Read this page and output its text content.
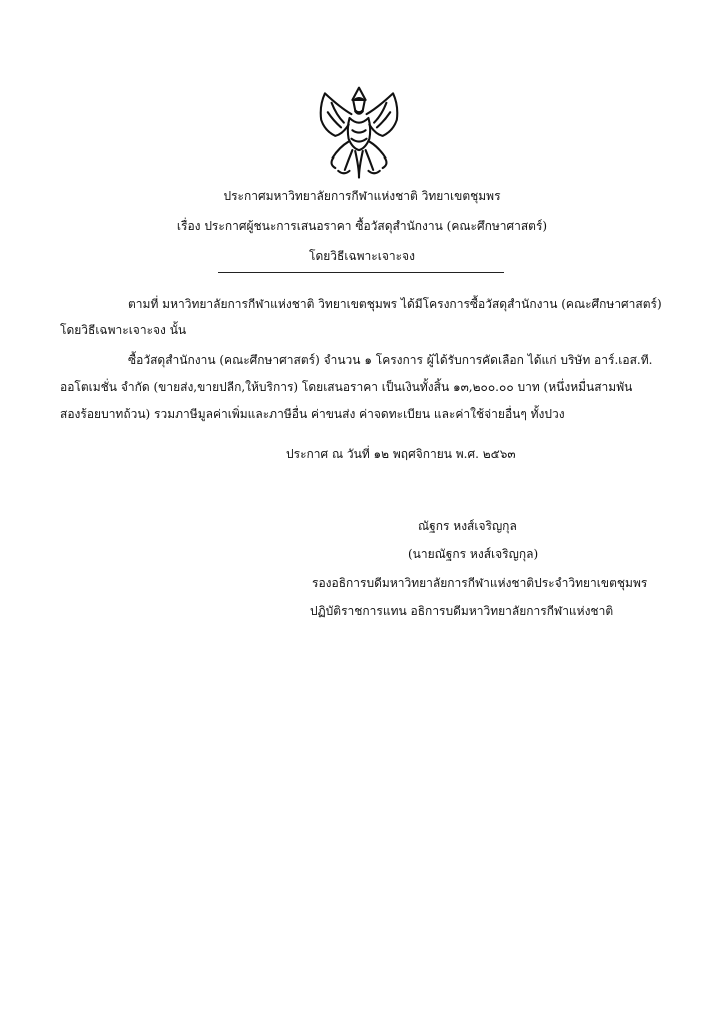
ประกาศมหาวิทยาลัยการกีฬาแห่งชาติ วิทยาเขตชุมพร
เรื่อง ประกาศผู้ชนะการเสนอราคา ซื้อวัสดุสำนักงาน (คณะศึกษาศาสตร์)
โดยวิธีเฉพาะเจาะจง
ตามที่ มหาวิทยาลัยการกีฬาแห่งชาติ วิทยาเขตชุมพร ได้มีโครงการซื้อวัสดุสำนักงาน (คณะศึกษาศาสตร์)
โดยวิธีเฉพาะเจาะจง นั้น
ซื้อวัสดุสำนักงาน (คณะศึกษาศาสตร์) จำนวน ๑ โครงการ ผู้ได้รับการคัดเลือก ได้แก่ บริษัท อาร์.เอส.ที.
ออโตเมชั่น จำกัด (ขายส่ง,ขายปลีก,ให้บริการ) โดยเสนอราคา เป็นเงินทั้งสิ้น ๑๓,๒๐๐.๐๐ บาท (หนึ่งหมื่นสามพัน
สองร้อยบาทถ้วน) รวมภาษีมูลค่าเพิ่มและภาษีอื่น ค่าขนส่ง ค่าจดทะเบียน และค่าใช้จ่ายอื่นๆ ทั้งปวง
ประกาศ ณ วันที่ ๑๒ พฤศจิกายน พ.ศ. ๒๕๖๓
ณัฐกร หงส์เจริญกุล
(นายณัฐกร หงส์เจริญกุล)
รองอธิการบดีมหาวิทยาลัยการกีฬาแห่งชาติประจำวิทยาเขตชุมพร
ปฏิบัติราชการแทน อธิการบดีมหาวิทยาลัยการกีฬาแห่งชาติ
